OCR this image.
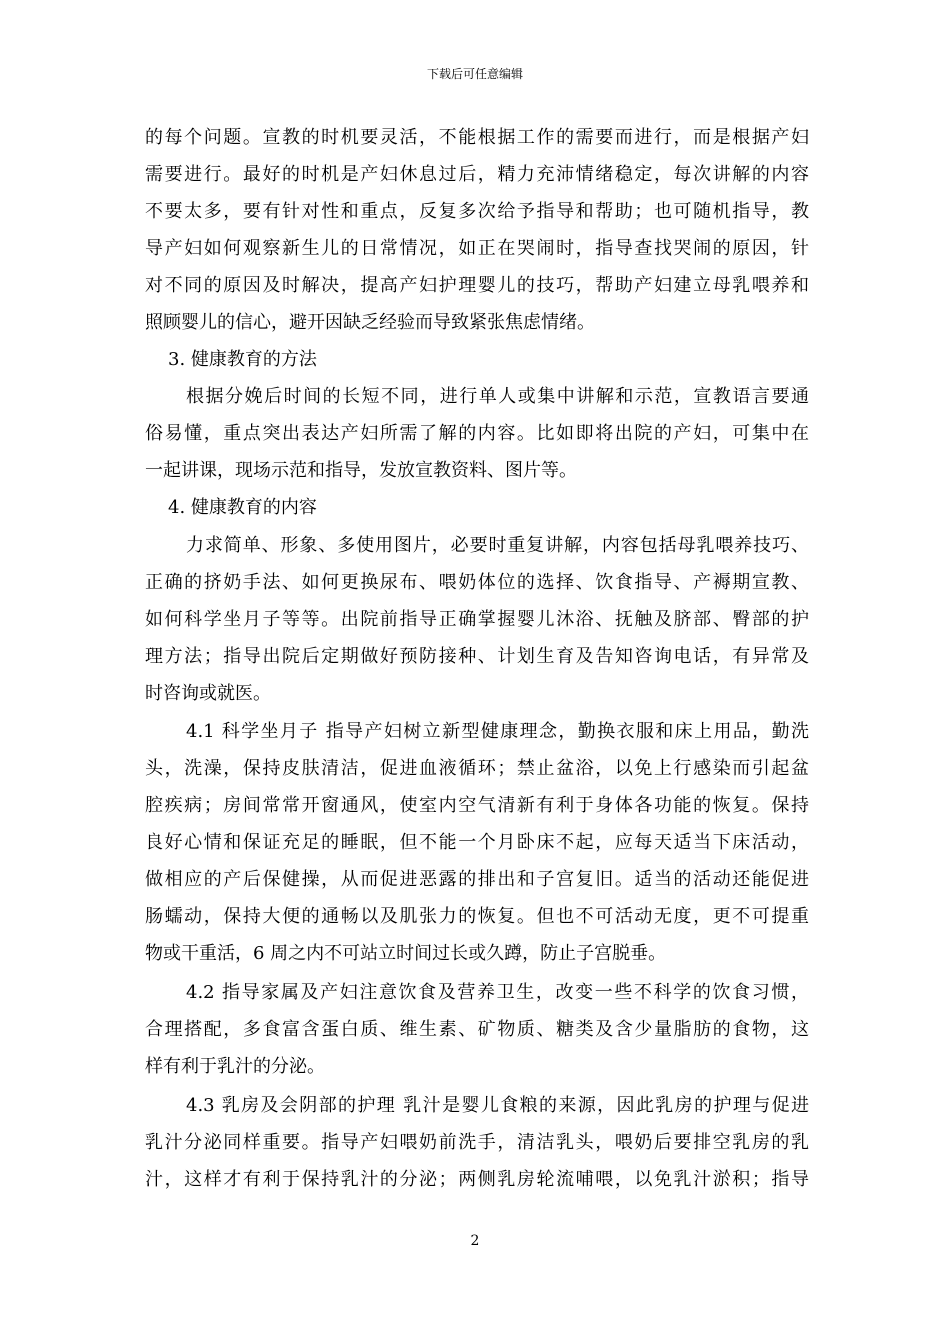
下载后可任意编辑
的每个问题。宣教的时机要灵活，不能根据工作的需要而进行，而是根据产妇
需要进行。最好的时机是产妇休息过后，精力充沛情绪稳定，每次讲解的内容
不要太多，要有针对性和重点，反复多次给予指导和帮助；也可随机指导，教
导产妇如何观察新生儿的日常情况，如正在哭闹时，指导查找哭闹的原因，针
对不同的原因及时解决，提高产妇护理婴儿的技巧，帮助产妇建立母乳喂养和
照顾婴儿的信心，避开因缺乏经验而导致紧张焦虑情绪。
3. 健康教育的方法
根据分娩后时间的长短不同，进行单人或集中讲解和示范，宣教语言要通
俗易懂，重点突出表达产妇所需了解的内容。比如即将出院的产妇，可集中在
一起讲课，现场示范和指导，发放宣教资料、图片等。
4. 健康教育的内容
力求简单、形象、多使用图片，必要时重复讲解，内容包括母乳喂养技巧、
正确的挤奶手法、如何更换尿布、喂奶体位的选择、饮食指导、产褥期宣教、
如何科学坐月子等等。出院前指导正确掌握婴儿沐浴、抚触及脐部、臀部的护
理方法；指导出院后定期做好预防接种、计划生育及告知咨询电话，有异常及
时咨询或就医。
4.1 科学坐月子 指导产妇树立新型健康理念，勤换衣服和床上用品，勤洗
头，洗澡，保持皮肤清洁，促进血液循环；禁止盆浴，以免上行感染而引起盆
腔疾病；房间常常开窗通风，使室内空气清新有利于身体各功能的恢复。保持
良好心情和保证充足的睡眠，但不能一个月卧床不起，应每天适当下床活动，
做相应的产后保健操，从而促进恶露的排出和子宫复旧。适当的活动还能促进
肠蠕动，保持大便的通畅以及肌张力的恢复。但也不可活动无度，更不可提重
物或干重活，6 周之内不可站立时间过长或久蹲，防止子宫脱垂。
4.2 指导家属及产妇注意饮食及营养卫生，改变一些不科学的饮食习惯，
合理搭配，多食富含蛋白质、维生素、矿物质、糖类及含少量脂肪的食物，这
样有利于乳汁的分泌。
4.3 乳房及会阴部的护理 乳汁是婴儿食粮的来源，因此乳房的护理与促进
乳汁分泌同样重要。指导产妇喂奶前洗手，清洁乳头，喂奶后要排空乳房的乳
汁，这样才有利于保持乳汁的分泌；两侧乳房轮流哺喂，以免乳汁淤积；指导
2
